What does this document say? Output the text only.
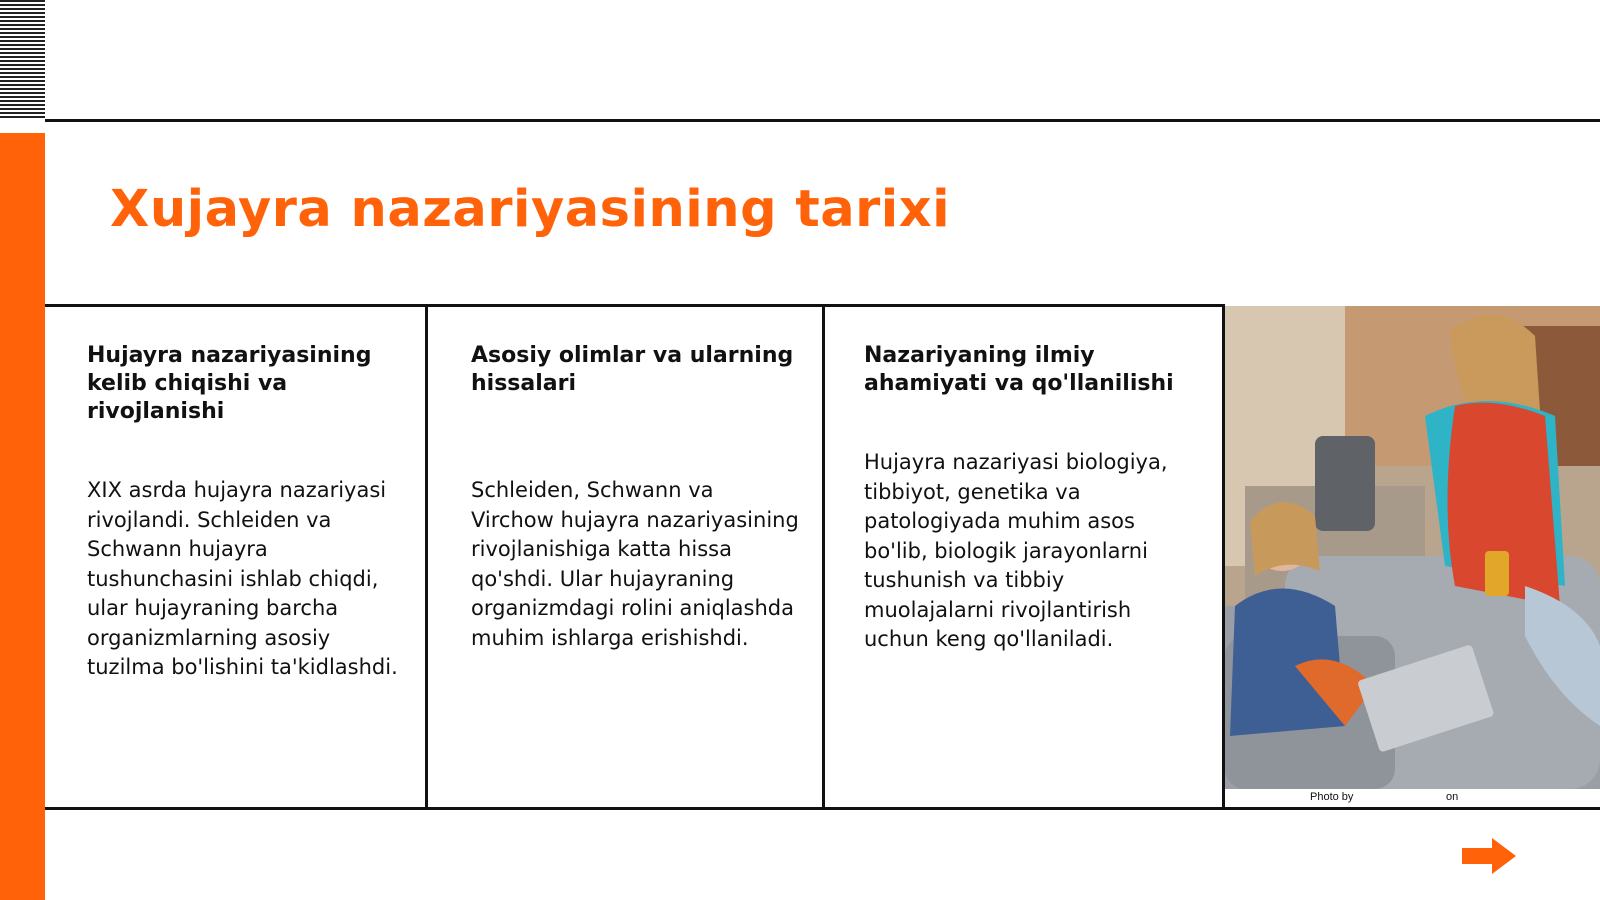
Xujayra nazariyasining tarixi
Hujayra nazariyasining kelib chiqishi va rivojlanishi

XIX asrda hujayra nazariyasi rivojlandi. Schleiden va Schwann hujayra tushunchasini ishlab chiqdi, ular hujayraning barcha organizmlarning asosiy tuzilma bo'lishini ta'kidlashdi.

Asosiy olimlar va ularning hissalari

Schleiden, Schwann va Virchow hujayra nazariyasining rivojlanishiga katta hissa qo'shdi. Ular hujayraning organizmdagi rolini aniqlashda muhim ishlarga erishishdi.

Nazariyaning ilmiy ahamiyati va qo'llanilishi

Hujayra nazariyasi biologiya, tibbiyot, genetika va patologiyada muhim asos bo'lib, biologik jarayonlarni tushunish va tibbiy muolajalarni rivojlantirish uchun keng qo'llaniladi.

Photo by	on
